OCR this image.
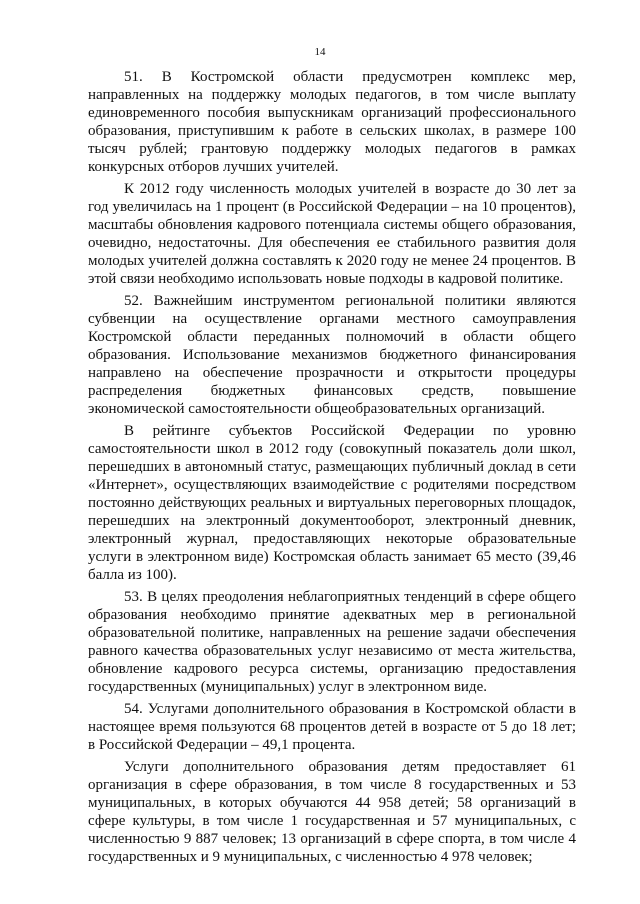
14

51. В Костромской области предусмотрен комплекс мер, направленных на поддержку молодых педагогов, в том числе выплату единовременного пособия выпускникам организаций профессионального образования, приступившим к работе в сельских школах, в размере 100 тысяч рублей; грантовую поддержку молодых педагогов в рамках конкурсных отборов лучших учителей.

К 2012 году численность молодых учителей в возрасте до 30 лет за год увеличилась на 1 процент (в Российской Федерации – на 10 процентов), масштабы обновления кадрового потенциала системы общего образования, очевидно, недостаточны. Для обеспечения ее стабильного развития доля молодых учителей должна составлять к 2020 году не менее 24 процентов. В этой связи необходимо использовать новые подходы в кадровой политике.

52. Важнейшим инструментом региональной политики являются субвенции на осуществление органами местного самоуправления Костромской области переданных полномочий в области общего образования. Использование механизмов бюджетного финансирования направлено на обеспечение прозрачности и открытости процедуры распределения бюджетных финансовых средств, повышение экономической самостоятельности общеобразовательных организаций.

В рейтинге субъектов Российской Федерации по уровню самостоятельности школ в 2012 году (совокупный показатель доли школ, перешедших в автономный статус, размещающих публичный доклад в сети «Интернет», осуществляющих взаимодействие с родителями посредством постоянно действующих реальных и виртуальных переговорных площадок, перешедших на электронный документооборот, электронный дневник, электронный журнал, предоставляющих некоторые образовательные услуги в электронном виде) Костромская область занимает 65 место (39,46 балла из 100).

53. В целях преодоления неблагоприятных тенденций в сфере общего образования необходимо принятие адекватных мер в региональной образовательной политике, направленных на решение задачи обеспечения равного качества образовательных услуг независимо от места жительства, обновление кадрового ресурса системы, организацию предоставления государственных (муниципальных) услуг в электронном виде.

54. Услугами дополнительного образования в Костромской области в настоящее время пользуются 68 процентов детей в возрасте от 5 до 18 лет; в Российской Федерации – 49,1 процента.

Услуги дополнительного образования детям предоставляет 61 организация в сфере образования, в том числе 8 государственных и 53 муниципальных, в которых обучаются 44 958 детей; 58 организаций в сфере культуры, в том числе 1 государственная и 57 муниципальных, с численностью 9 887 человек; 13 организаций в сфере спорта, в том числе 4 государственных и 9 муниципальных, с численностью 4 978 человек;
